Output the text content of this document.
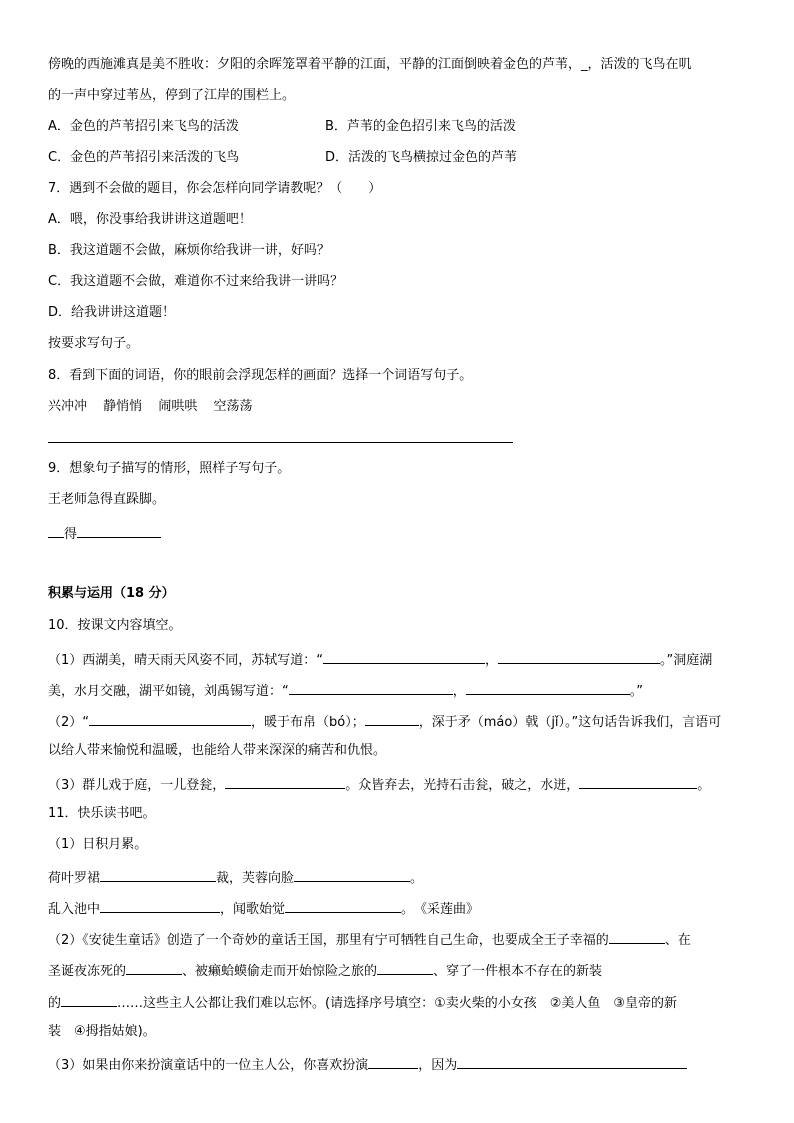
傍晚的西施滩真是美不胜收：夕阳的余晖笼罩着平静的江面，平静的江面倒映着金色的芦苇，_，活泼的飞鸟在叽
的一声中穿过苇丛，停到了江岸的围栏上。
A．金色的芦苇招引来飞鸟的活泼	B．芦苇的金色招引来飞鸟的活泼
C．金色的芦苇招引来活泼的飞鸟	D．活泼的飞鸟横掠过金色的芦苇
7．遇到不会做的题目，你会怎样向同学请教呢？（　　）
A．喂，你没事给我讲讲这道题吧！
B．我这道题不会做，麻烦你给我讲一讲，好吗？
C．我这道题不会做，难道你不过来给我讲一讲吗？
D．给我讲讲这道题！
按要求写句子。
8．看到下面的词语，你的眼前会浮现怎样的画面？选择一个词语写句子。
兴冲冲 静悄悄 闹哄哄 空荡荡
9．想象句子描写的情形，照样子写句子。
王老师急得直跺脚。
得
积累与运用（18 分）
10．按课文内容填空。
（1）西湖美，晴天雨天风姿不同，苏轼写道：“	，	。”洞庭湖
美，水月交融，湖平如镜，刘禹锡写道：“	，	。”
（2）“	，暖于布帛（bó）；	，深于矛（máo）戟（jǐ）。”这句话告诉我们，言语可
以给人带来愉悦和温暖，也能给人带来深深的痛苦和仇恨。
（3）群儿戏于庭，一儿登瓮，	。众皆弃去，光持石击瓮，破之，水迸，	。
11．快乐读书吧。
（1）日积月累。
荷叶罗裙	裁，芙蓉向脸	。
乱入池中	，闻歌始觉	。　《采莲曲》
（2）《安徒生童话》创造了一个奇妙的童话王国，那里有宁可牺牲自己生命，也要成全王子幸福的	、在
圣诞夜冻死的	、被癞蛤蟆偷走而开始惊险之旅的	、穿了一件根本不存在的新装
的	……这些主人公都让我们难以忘怀。(请选择序号填空：①卖火柴的小女孩　②美人鱼　③皇帝的新
装　④拇指姑娘)。
（3）如果由你来扮演童话中的一位主人公，你喜欢扮演	，因为
